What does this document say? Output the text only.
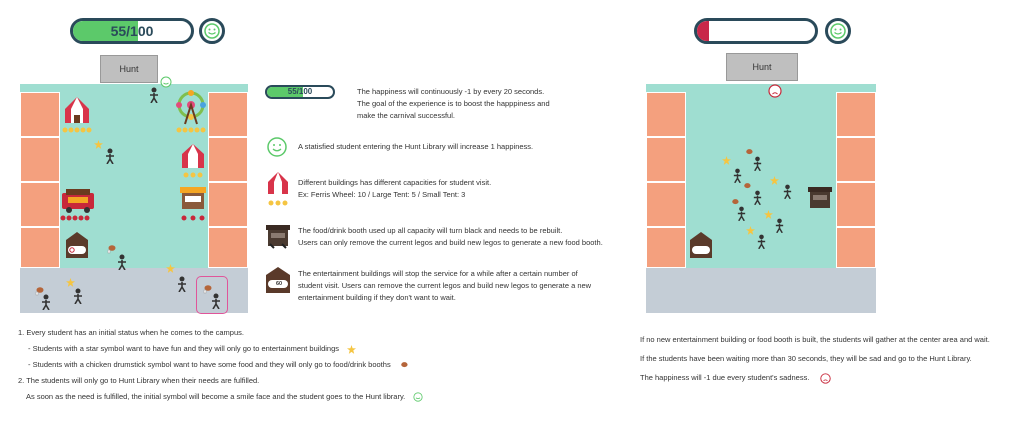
55/100
Hunt
55/100	The happiness will continuously -1 by every 20 seconds.
The goal of the experience is to boost the happpiness and
make the carnival successful.
A statisfied student entering the Hunt Library will increase 1 happiness.
Different buildings has different capacities for student visit.
Ex: Ferris Wheel: 10 / Large Tent: 5 / Small Tent: 3
The food/drink booth used up all capacity will turn black and needs to be rebuilt.
Users can only remove the current legos and build new legos to generate a new food booth.
60
The entertainment buildings will stop the service for a while after a certain number of
student visit. Users can remove the current legos and build new legos to generate a new
entertainment building if they don't want to wait.
Hunt
1. Every student has an initial status when he comes to the campus.
- Students with a star symbol want to have fun and they will only go to entertainment buildings
- Students with a chicken drumstick symbol want to have some food and they will only go to food/drink booths
2. The students will only go to Hunt Library when their needs are fulfilled.
As soon as the need is fulfilled, the initial symbol will become a smile face and the student goes to the Hunt library.
If no new entertainment building or food booth is built, the students will gather at the center area and wait.
If the students have been waiting more than 30 seconds, they will be sad and go to the Hunt Library.
The happiness will -1 due every student's sadness.
